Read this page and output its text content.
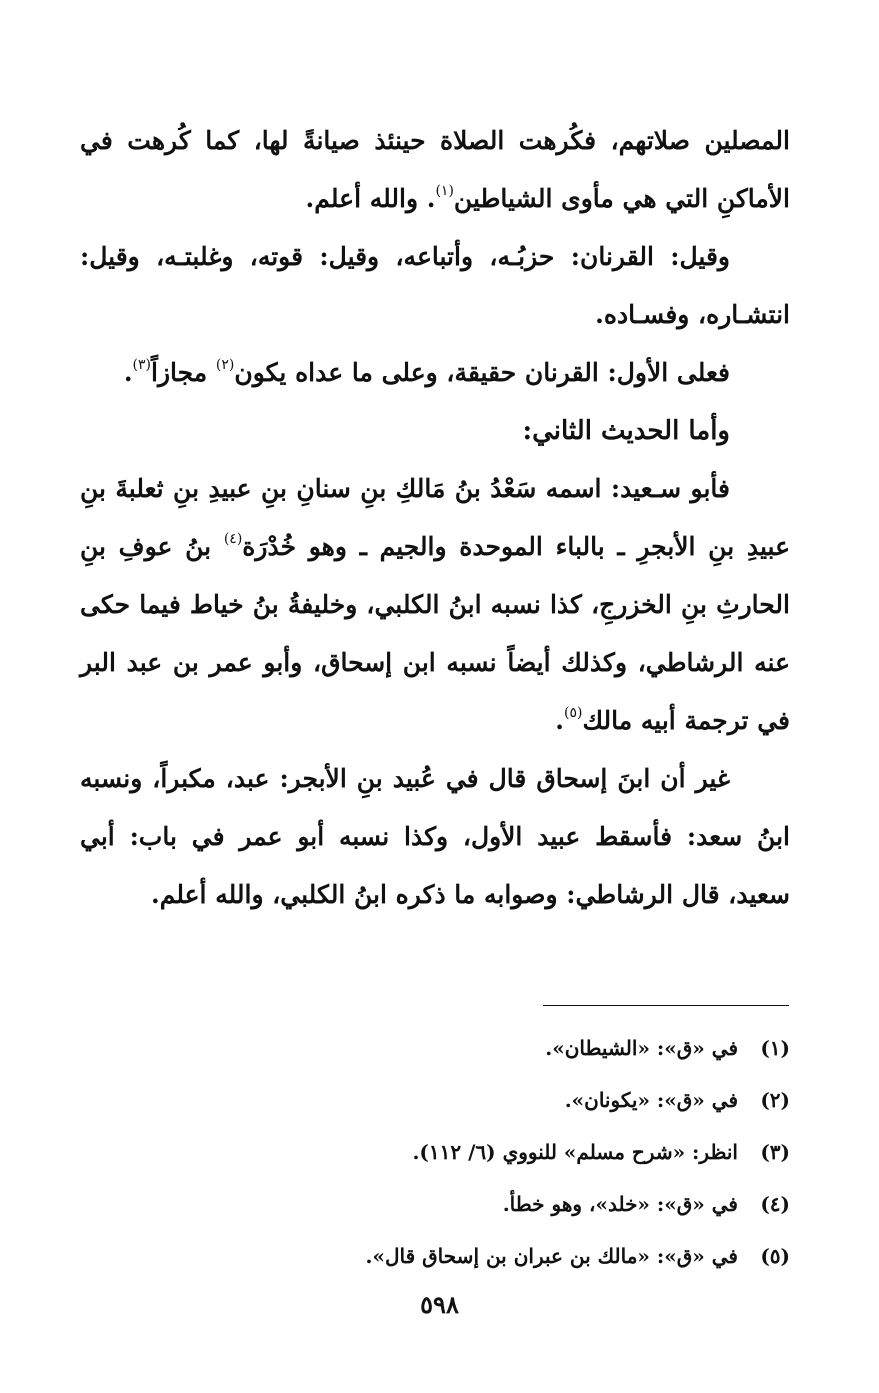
المصلين صلاتهم، فكُرهت الصلاة حينئذ صيانةً لها، كما كُرهت في الأماكنِ التي هي مأوى الشياطين$^{(١)}$. والله أعلم.

وقيل: القرنان: حزبُـه، وأتباعه، وقيل: قوته، وغلبتـه، وقيل: انتشـاره، وفسـاده.

فعلى الأول: القرنان حقيقة، وعلى ما عداه يكون$^{(٢)}$ مجازاً$^{(٣)}$.

وأما الحديث الثاني:

فأبو سـعيد: اسمه سَعْدُ بنُ مَالكِ بنِ سنانِ بنِ عبيدِ بنِ ثعلبةَ بنِ عبيدِ بنِ الأبجرِ ـ بالباء الموحدة والجيم ـ وهو خُدْرَة$^{(٤)}$ بنُ عوفِ بنِ الحارثِ بنِ الخزرجِ، كذا نسبه ابنُ الكلبي، وخليفةُ بنُ خياط فيما حكى عنه الرشاطي، وكذلك أيضاً نسبه ابن إسحاق، وأبو عمر بن عبد البر في ترجمة أبيه مالك$^{(٥)}$.

غير أن ابنَ إسحاق قال في عُبيد بنِ الأبجر: عبد، مكبراً، ونسبه ابنُ سعد: فأسقط عبيد الأول، وكذا نسبه أبو عمر في باب: أبي سعيد، قال الرشاطي: وصوابه ما ذكره ابنُ الكلبي، والله أعلم.

(١)في «ق»: «الشيطان».
(٢)في «ق»: «يكونان».
(٣)انظر: «شرح مسلم» للنووي (٦/ ١١٢).
(٤)في «ق»: «خلد»، وهو خطأ.
(٥)في «ق»: «مالك بن عبران بن إسحاق قال».
٥٩٨
